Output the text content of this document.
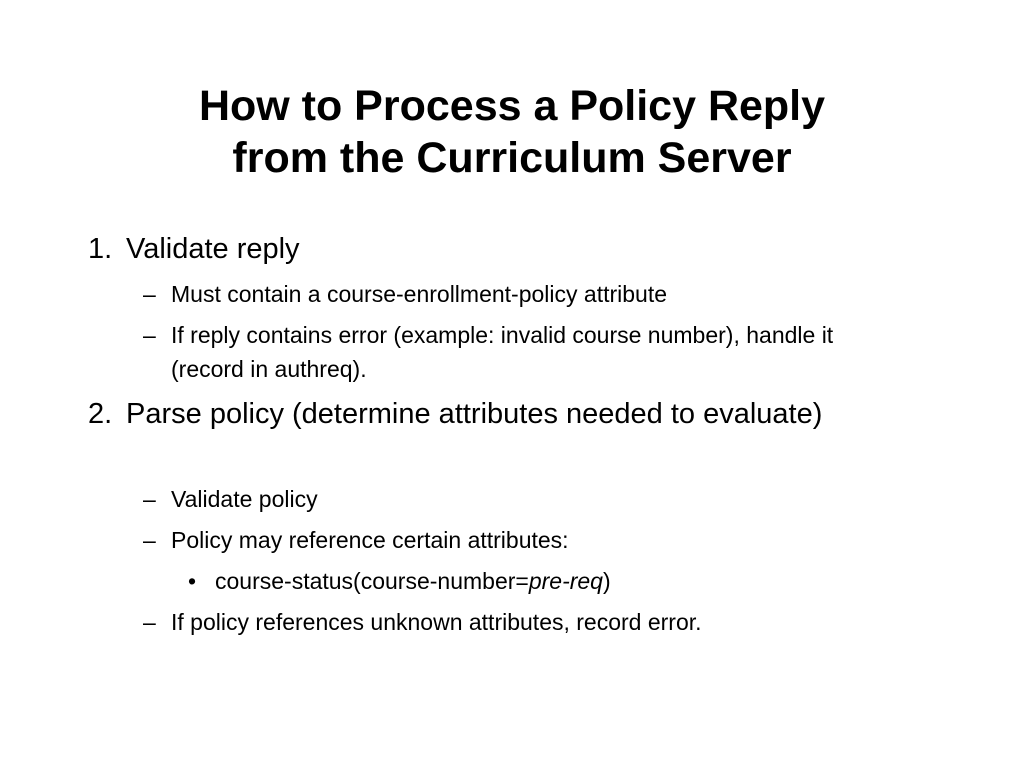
How to Process a Policy Reply
from the Curriculum Server
1. Validate reply
– Must contain a course-enrollment-policy attribute
– If reply contains error (example: invalid course number), handle it (record in authreq).
2. Parse policy (determine attributes needed to evaluate)
– Validate policy
– Policy may reference certain attributes:
• course-status(course-number=pre-req)
– If policy references unknown attributes, record error.
